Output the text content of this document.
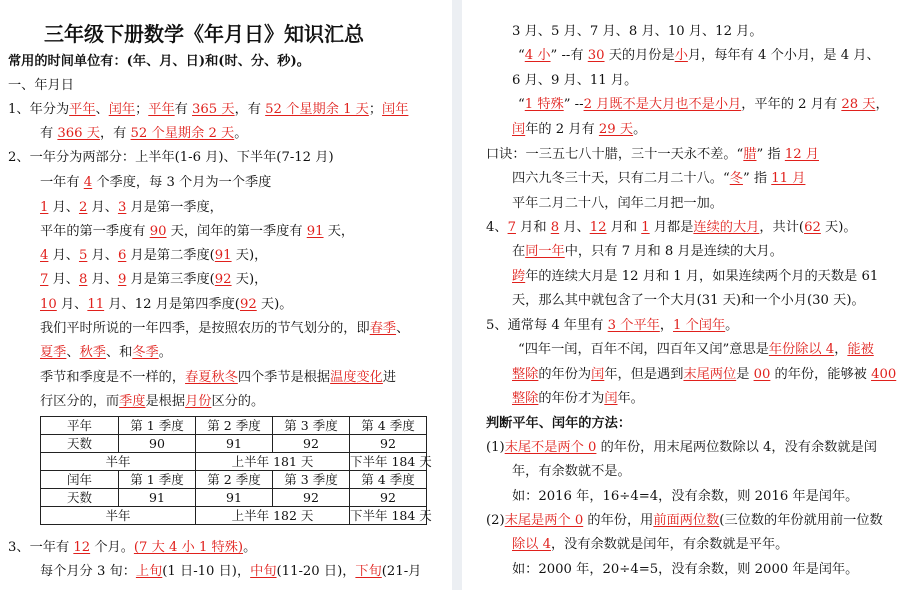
三年级下册数学《年月日》知识汇总
常用的时间单位有：(年、月、日)和(时、分、秒)。
一、年月日
1、年分为平年、闰年；平年有 365 天，有 52 个星期余 1 天；闰年
有 366 天，有 52 个星期余 2 天。
2、一年分为两部分：上半年(1-6 月)、下半年(7-12 月)
一年有 4 个季度，每 3 个月为一个季度
1 月、2 月、3 月是第一季度，
平年的第一季度有 90 天，闰年的第一季度有 91 天，
4 月、5 月、6 月是第二季度(91 天)，
7 月、8 月、9 月是第三季度(92 天)，
10 月、11 月、12 月是第四季度(92 天)。
我们平时所说的一年四季，是按照农历的节气划分的，即春季、
夏季、秋季、和冬季。
季节和季度是不一样的，春夏秋冬四个季节是根据温度变化进
行区分的，而季度是根据月份区分的。
平年	第 1 季度	第 2 季度	第 3 季度	第 4 季度
天数	90	91	92	92
半年		上半年 181 天		下半年 184 天
闰年	第 1 季度	第 2 季度	第 3 季度	第 4 季度
天数	91	91	92	92
半年		上半年 182 天		下半年 184 天
3、一年有 12 个月。(7 大 4 小 1 特殊)。
每个月分 3 旬：上旬(1 日-10 日)，中旬(11-20 日)，下旬(21-月
3 月、5 月、7 月、8 月、10 月、12 月。
“4 小” --有 30 天的月份是小月，每年有 4 个小月，是 4 月、
6 月、9 月、11 月。
“1 特殊” --2 月既不是大月也不是小月，平年的 2 月有 28 天，
闰年的 2 月有 29 天。
口诀：一三五七八十腊，三十一天永不差。“腊” 指 12 月
四六九冬三十天，只有二月二十八。“冬” 指 11 月
平年二月二十八，闰年二月把一加。
4、7 月和 8 月、12 月和 1 月都是连续的大月，共计(62 天)。
在同一年中，只有 7 月和 8 月是连续的大月。
跨年的连续大月是 12 月和 1 月，如果连续两个月的天数是 61
天，那么其中就包含了一个大月(31 天)和一个小月(30 天)。
5、通常每 4 年里有 3 个平年，1 个闰年。
“四年一闰，百年不闰，四百年又闰”意思是年份除以 4，能被
整除的年份为闰年，但是遇到末尾两位是 00 的年份，能够被 400
整除的年份才为闰年。
判断平年、闰年的方法：
(1)末尾不是两个 0 的年份，用末尾两位数除以 4，没有余数就是闰
年，有余数就不是。
如：2016 年，16÷4=4，没有余数，则 2016 年是闰年。
(2)末尾是两个 0 的年份，用前面两位数(三位数的年份就用前一位数
除以 4，没有余数就是闰年，有余数就是平年。
如：2000 年，20÷4=5，没有余数，则 2000 年是闰年。
